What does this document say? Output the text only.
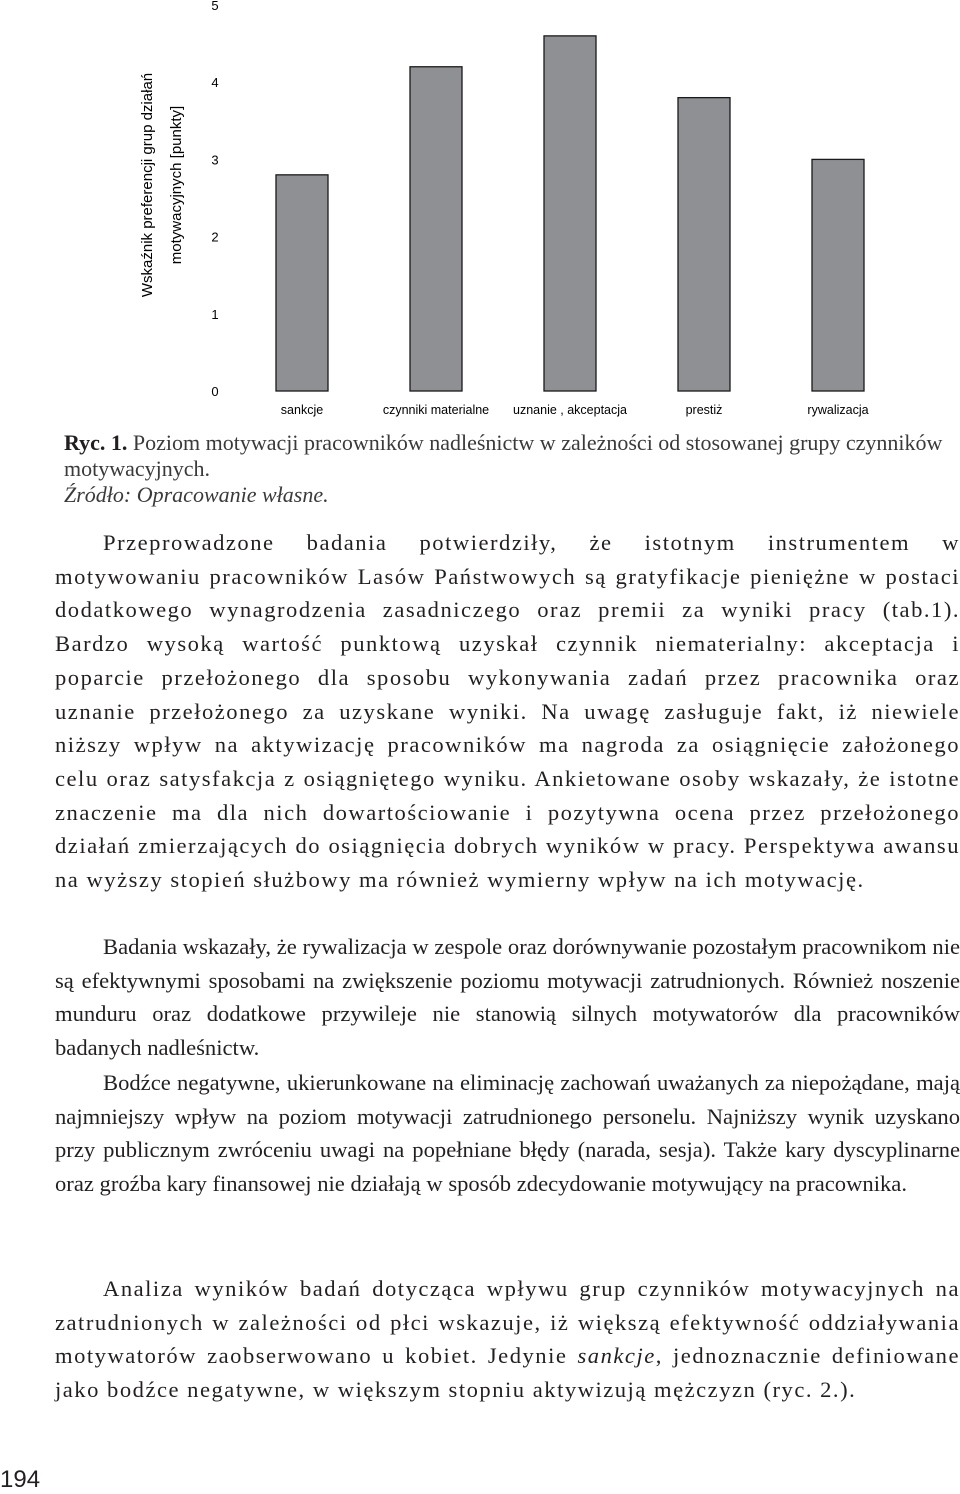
Wskaźnik preferencji grup działań motywacyjnych [punkty]
0
1
2
3
4
5
sankcje	czynniki materialne uznanie , akceptacja	prestiż	rywalizacja
Ryc. 1. Poziom motywacji pracowników nadleśnictw w zależności od stosowanej grupy czynników motywacyjnych.
Źródło: Opracowanie własne.

Przeprowadzone badania potwierdziły, że istotnym instrumentem w motywowaniu pracowników Lasów Państwowych są gratyfikacje pieniężne w postaci dodatkowego wynagrodzenia zasadniczego oraz premii za wyniki pracy (tab.1). Bardzo wysoką wartość punktową uzyskał czynnik niematerialny: akceptacja i poparcie przełożonego dla sposobu wykonywania zadań przez pracownika oraz uznanie przełożonego za uzyskane wyniki. Na uwagę zasługuje fakt, iż niewiele niższy wpływ na aktywizację pracowników ma nagroda za osiągnięcie założonego celu oraz satysfakcja z osiągniętego wyniku. Ankietowane osoby wskazały, że istotne znaczenie ma dla nich dowartościowanie i pozytywna ocena przez przełożonego działań zmierzających do osiągnięcia dobrych wyników w pracy. Perspektywa awansu na wyższy stopień służbowy ma również wymierny wpływ na ich motywację.

Badania wskazały, że rywalizacja w zespole oraz dorównywanie pozostałym pracownikom nie są efektywnymi sposobami na zwiększenie poziomu motywacji zatrudnionych. Również noszenie munduru oraz dodatkowe przywileje nie stanowią silnych motywatorów dla pracowników badanych nadleśnictw.

Bodźce negatywne, ukierunkowane na eliminację zachowań uważanych za niepożądane, mają najmniejszy wpływ na poziom motywacji zatrudnionego personelu. Najniższy wynik uzyskano przy publicznym zwróceniu uwagi na popełniane błędy (narada, sesja). Także kary dyscyplinarne oraz groźba kary finansowej nie działają w sposób zdecydowanie motywujący na pracownika.

Analiza wyników badań dotycząca wpływu grup czynników motywacyjnych na zatrudnionych w zależności od płci wskazuje, iż większą efektywność oddziaływania motywatorów zaobserwowano u kobiet. Jedynie sankcje, jednoznacznie definiowane jako bodźce negatywne, w większym stopniu aktywizują mężczyzn (ryc. 2.).

194
